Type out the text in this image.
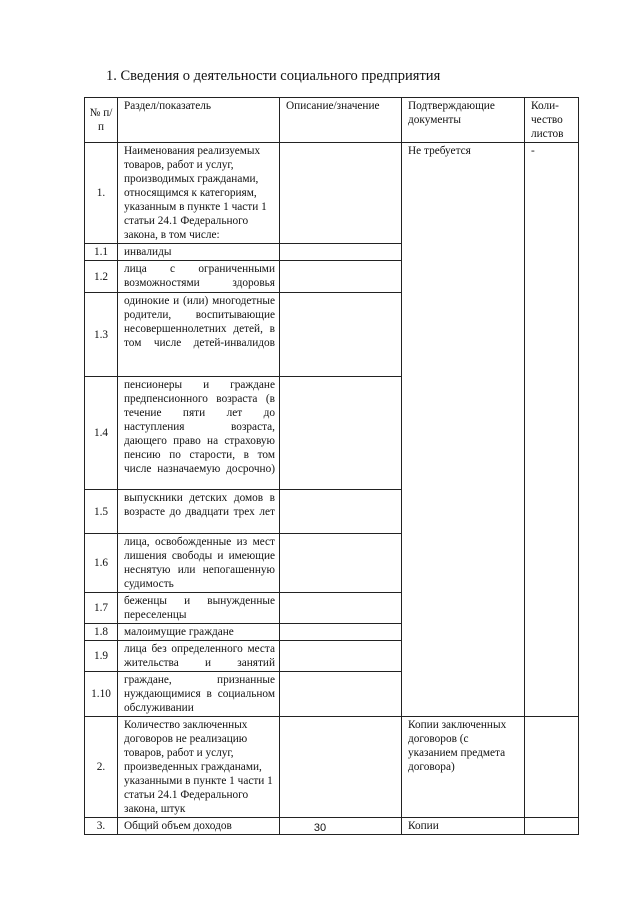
1. Сведения о деятельности социального предприятия
№ п/п	Раздел/показатель	Описание/значение	Подтверждающие документы	Коли-чество листов
1.	Наименования реализуемых товаров, работ и услуг, производимых гражданами, относящимся к категориям, указанным в пункте 1 части 1 статьи 24.1 Федерального закона, в том числе:		Не требуется	-
1.1	инвалиды			
1.2	лица с ограниченными возможностями здоровья			
1.3	одинокие и (или) многодетные родители, воспитывающие несовершеннолетних детей, в том числе детей-инвалидов			
1.4	пенсионеры и граждане предпенсионного возраста (в течение пяти лет до наступления возраста, дающего право на страховую пенсию по старости, в том числе назначаемую досрочно)			
1.5	выпускники детских домов в возрасте до двадцати трех лет			
1.6	лица, освобожденные из мест лишения свободы и имеющие неснятую или непогашенную судимость			
1.7	беженцы и вынужденные переселенцы			
1.8	малоимущие граждане			
1.9	лица без определенного места жительства и занятий			
1.10	граждане, признанные нуждающимися в социальном обслуживании			
2.	Количество заключенных договоров не реализацию товаров, работ и услуг, произведенных гражданами, указанными в пункте 1 части 1 статьи 24.1 Федерального закона, штук		Копии заключенных договоров (с указанием предмета договора)	
3.	Общий объем доходов		Копии	
30
